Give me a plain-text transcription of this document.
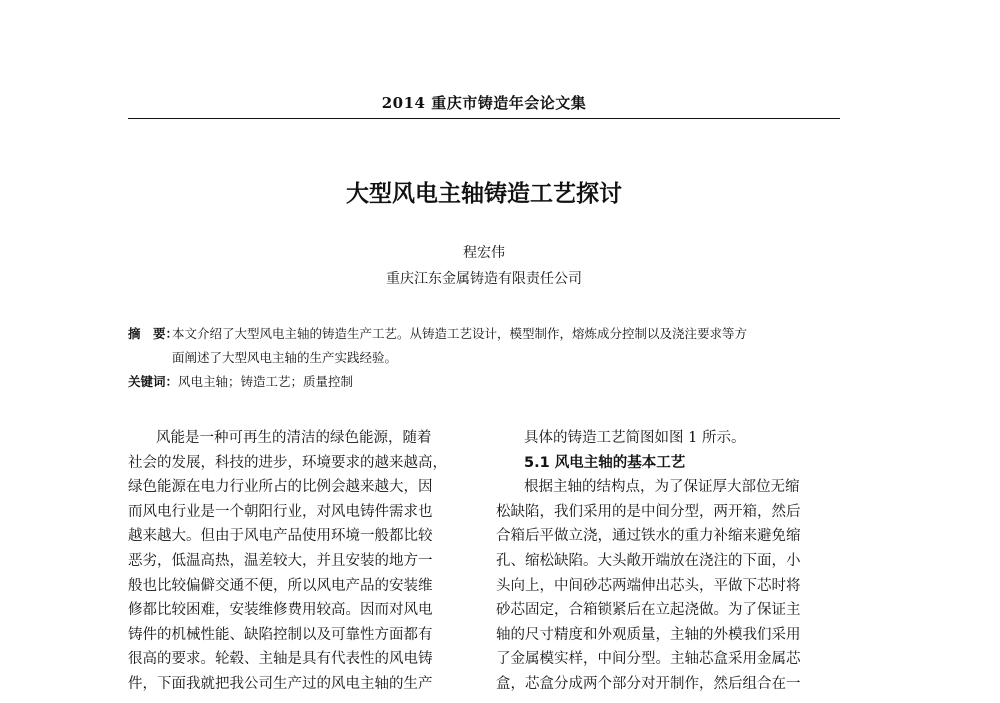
2014 重庆市铸造年会论文集
大型风电主轴铸造工艺探讨
程宏伟
重庆江东金属铸造有限责任公司
摘　要：本文介绍了大型风电主轴的铸造生产工艺。从铸造工艺设计，模型制作，熔炼成分控制以及浇注要求等方
面阐述了大型风电主轴的生产实践经验。
关键词：风电主轴；铸造工艺；质量控制
风能是一种可再生的清洁的绿色能源，随着
社会的发展，科技的进步，环境要求的越来越高，
绿色能源在电力行业所占的比例会越来越大，因
而风电行业是一个朝阳行业，对风电铸件需求也
越来越大。但由于风电产品使用环境一般都比较
恶劣，低温高热，温差较大，并且安装的地方一
般也比较偏僻交通不便，所以风电产品的安装维
修都比较困难，安装维修费用较高。因而对风电
铸件的机械性能、缺陷控制以及可靠性方面都有
很高的要求。轮毂、主轴是具有代表性的风电铸
件，下面我就把我公司生产过的风电主轴的生产
具体的铸造工艺简图如图 1 所示。
5.1 风电主轴的基本工艺
根据主轴的结构点，为了保证厚大部位无缩
松缺陷，我们采用的是中间分型，两开箱，然后
合箱后平做立浇，通过铁水的重力补缩来避免缩
孔、缩松缺陷。大头敞开端放在浇注的下面，小
头向上，中间砂芯两端伸出芯头，平做下芯时将
砂芯固定，合箱锁紧后在立起浇做。为了保证主
轴的尺寸精度和外观质量，主轴的外模我们采用
了金属模实样，中间分型。主轴芯盒采用金属芯
盒，芯盒分成两个部分对开制作，然后组合在一
